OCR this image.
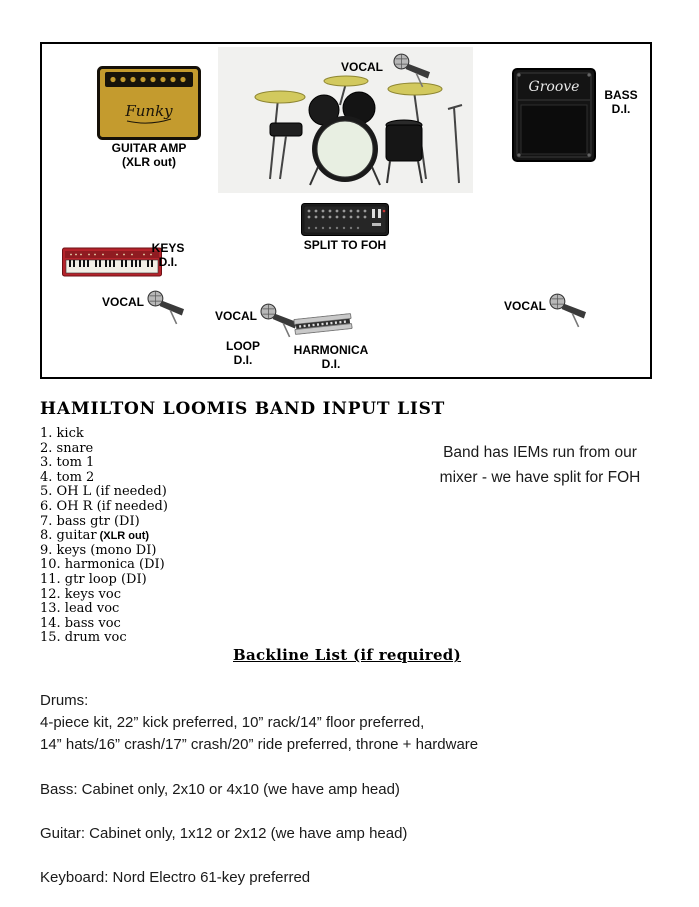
VOCAL
Funky
GUITAR AMP
(XLR out)
Groove	BASS
D.I.
SPLIT TO FOH
KEYS
D.I.
VOCAL
VOCAL
LOOP
D.I.
HARMONICA
D.I.
VOCAL
HAMILTON LOOMIS BAND INPUT LIST
1. kick
2. snare
3. tom 1
4. tom 2
5. OH L (if needed)
6. OH R (if needed)
7. bass gtr (DI)
8. guitar (XLR out)
9. keys (mono DI)
10. harmonica (DI)
11. gtr loop (DI)
12. keys voc
13. lead voc
14. bass voc
15. drum voc
Band has IEMs run from our
mixer - we have split for FOH
Backline List (if required)
Drums:
4-piece kit, 22” kick preferred, 10” rack/14” floor preferred,
14” hats/16” crash/17” crash/20” ride preferred, throne + hardware
Bass: Cabinet only, 2x10 or 4x10 (we have amp head)
Guitar: Cabinet only, 1x12 or 2x12 (we have amp head)
Keyboard: Nord Electro 61-key preferred
